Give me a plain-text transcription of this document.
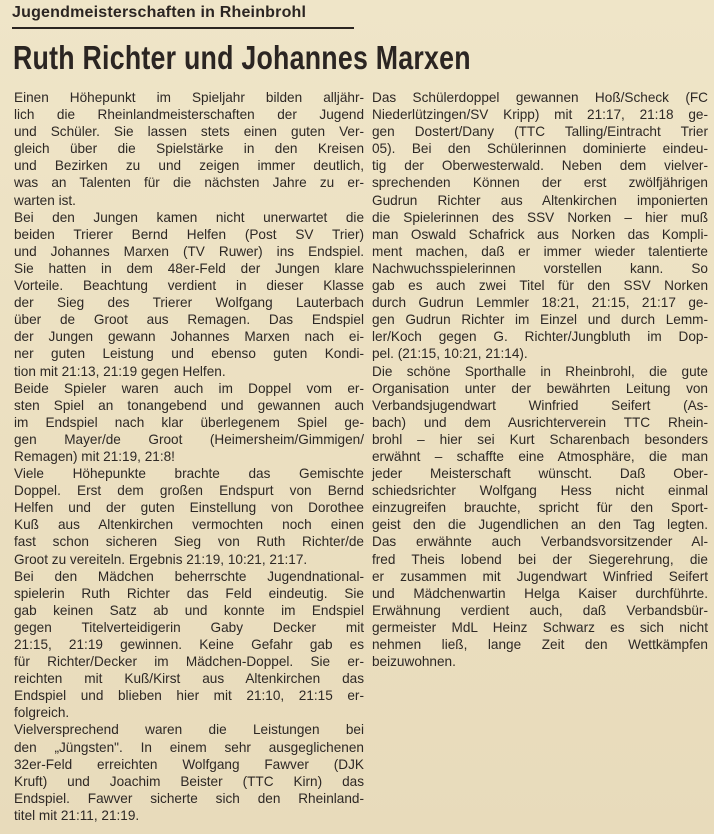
Jugendmeisterschaften in Rheinbrohl
Ruth Richter und Johannes Marxen
Einen Höhepunkt im Spieljahr bilden alljähr-
lich die Rheinlandmeisterschaften der Jugend
und Schüler. Sie lassen stets einen guten Ver-
gleich über die Spielstärke in den Kreisen
und Bezirken zu und zeigen immer deutlich,
was an Talenten für die nächsten Jahre zu er-
warten ist.
Bei den Jungen kamen nicht unerwartet die
beiden Trierer Bernd Helfen (Post SV Trier)
und Johannes Marxen (TV Ruwer) ins Endspiel.
Sie hatten in dem 48er-Feld der Jungen klare
Vorteile. Beachtung verdient in dieser Klasse
der Sieg des Trierer Wolfgang Lauterbach
über de Groot aus Remagen. Das Endspiel
der Jungen gewann Johannes Marxen nach ei-
ner guten Leistung und ebenso guten Kondi-
tion mit 21:13, 21:19 gegen Helfen.
Beide Spieler waren auch im Doppel vom er-
sten Spiel an tonangebend und gewannen auch
im Endspiel nach klar überlegenem Spiel ge-
gen Mayer/de Groot (Heimersheim/Gimmigen/
Remagen) mit 21:19, 21:8!
Viele Höhepunkte brachte das Gemischte
Doppel. Erst dem großen Endspurt von Bernd
Helfen und der guten Einstellung von Dorothee
Kuß aus Altenkirchen vermochten noch einen
fast schon sicheren Sieg von Ruth Richter/de
Groot zu vereiteln. Ergebnis 21:19, 10:21, 21:17.
Bei den Mädchen beherrschte Jugendnational-
spielerin Ruth Richter das Feld eindeutig. Sie
gab keinen Satz ab und konnte im Endspiel
gegen Titelverteidigerin Gaby Decker mit
21:15, 21:19 gewinnen. Keine Gefahr gab es
für Richter/Decker im Mädchen-Doppel. Sie er-
reichten mit Kuß/Kirst aus Altenkirchen das
Endspiel und blieben hier mit 21:10, 21:15 er-
folgreich.
Vielversprechend waren die Leistungen bei
den „Jüngsten". In einem sehr ausgeglichenen
32er-Feld erreichten Wolfgang Fawver (DJK
Kruft) und Joachim Beister (TTC Kirn) das
Endspiel. Fawver sicherte sich den Rheinland-
titel mit 21:11, 21:19.
Das Schülerdoppel gewannen Hoß/Scheck (FC
Niederlützingen/SV Kripp) mit 21:17, 21:18 ge-
gen Dostert/Dany (TTC Talling/Eintracht Trier
05). Bei den Schülerinnen dominierte eindeu-
tig der Oberwesterwald. Neben dem vielver-
sprechenden Können der erst zwölfjährigen
Gudrun Richter aus Altenkirchen imponierten
die Spielerinnen des SSV Norken – hier muß
man Oswald Schafrick aus Norken das Kompli-
ment machen, daß er immer wieder talentierte
Nachwuchsspielerinnen vorstellen kann. So
gab es auch zwei Titel für den SSV Norken
durch Gudrun Lemmler 18:21, 21:15, 21:17 ge-
gen Gudrun Richter im Einzel und durch Lemm-
ler/Koch gegen G. Richter/Jungbluth im Dop-
pel. (21:15, 10:21, 21:14).
Die schöne Sporthalle in Rheinbrohl, die gute
Organisation unter der bewährten Leitung von
Verbandsjugendwart Winfried Seifert (As-
bach) und dem Ausrichterverein TTC Rhein-
brohl – hier sei Kurt Scharenbach besonders
erwähnt – schaffte eine Atmosphäre, die man
jeder Meisterschaft wünscht. Daß Ober-
schiedsrichter Wolfgang Hess nicht einmal
einzugreifen brauchte, spricht für den Sport-
geist den die Jugendlichen an den Tag legten.
Das erwähnte auch Verbandsvorsitzender Al-
fred Theis lobend bei der Siegerehrung, die
er zusammen mit Jugendwart Winfried Seifert
und Mädchenwartin Helga Kaiser durchführte.
Erwähnung verdient auch, daß Verbandsbür-
germeister MdL Heinz Schwarz es sich nicht
nehmen ließ, lange Zeit den Wettkämpfen
beizuwohnen.
